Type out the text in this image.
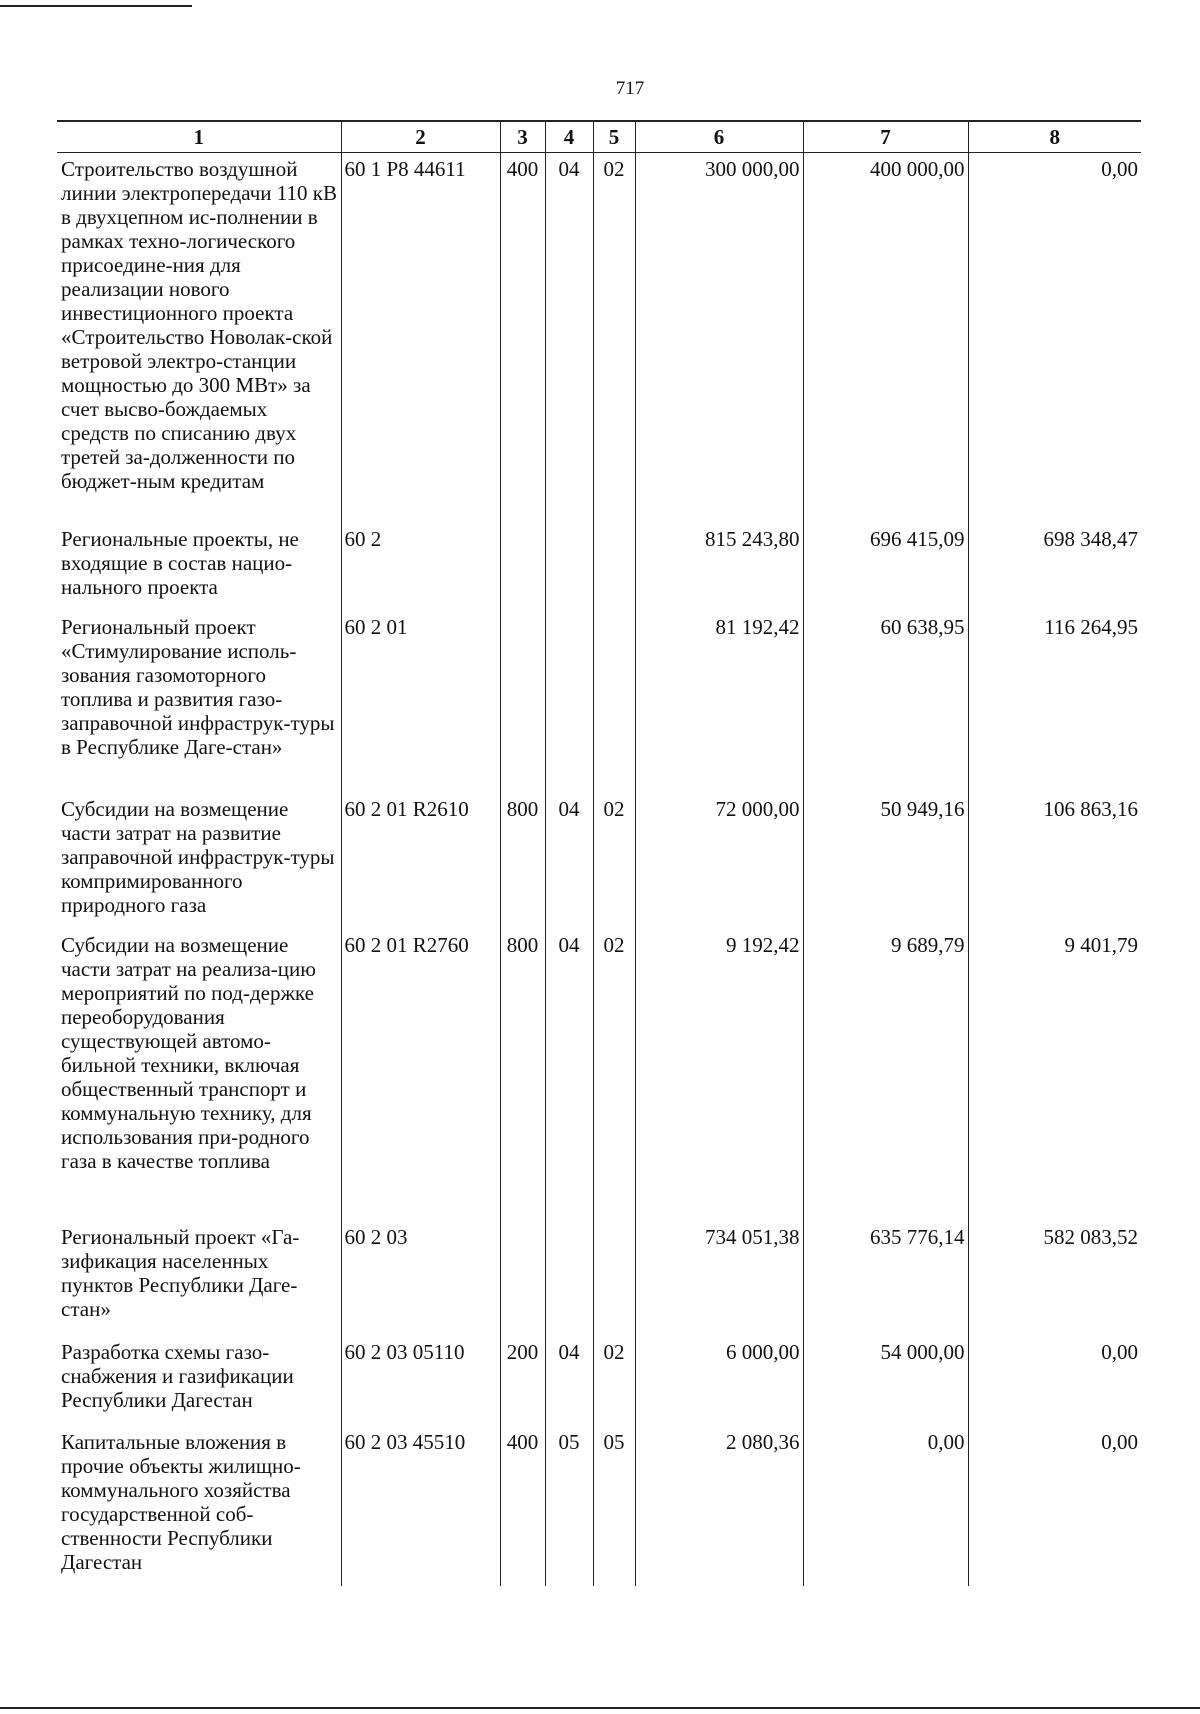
717
1	2	3	4	5	6	7	8
Строительство воздушной линии электропередачи 110 кВ в двухцепном ис-полнении в рамках техно-логического присоедине-ния для реализации нового инвестиционного проекта «Строительство Новолак-ской ветровой электро-станции мощностью до 300 МВт» за счет высво-бождаемых средств по списанию двух третей за-долженности по бюджет-ным кредитам	60 1 P8 44611	400	04	02	300 000,00	400 000,00	0,00
Региональные проекты, не входящие в состав нацио-нального проекта	60 2				815 243,80	696 415,09	698 348,47
Региональный проект «Стимулирование исполь-зования газомоторного топлива и развития газо-заправочной инфраструк-туры в Республике Даге-стан»	60 2 01				81 192,42	60 638,95	116 264,95
Субсидии на возмещение части затрат на развитие заправочной инфраструк-туры компримированного природного газа	60 2 01 R2610	800	04	02	72 000,00	50 949,16	106 863,16
Субсидии на возмещение части затрат на реализа-цию мероприятий по под-держке переоборудования существующей автомо-бильной техники, включая общественный транспорт и коммунальную технику, для использования при-родного газа в качестве топлива	60 2 01 R2760	800	04	02	9 192,42	9 689,79	9 401,79
Региональный проект «Га-зификация населенных пунктов Республики Даге-стан»	60 2 03				734 051,38	635 776,14	582 083,52
Разработка схемы газо-снабжения и газификации Республики Дагестан	60 2 03 05110	200	04	02	6 000,00	54 000,00	0,00
Капитальные вложения в прочие объекты жилищно-коммунального хозяйства государственной соб-ственности Республики Дагестан	60 2 03 45510	400	05	05	2 080,36	0,00	0,00
